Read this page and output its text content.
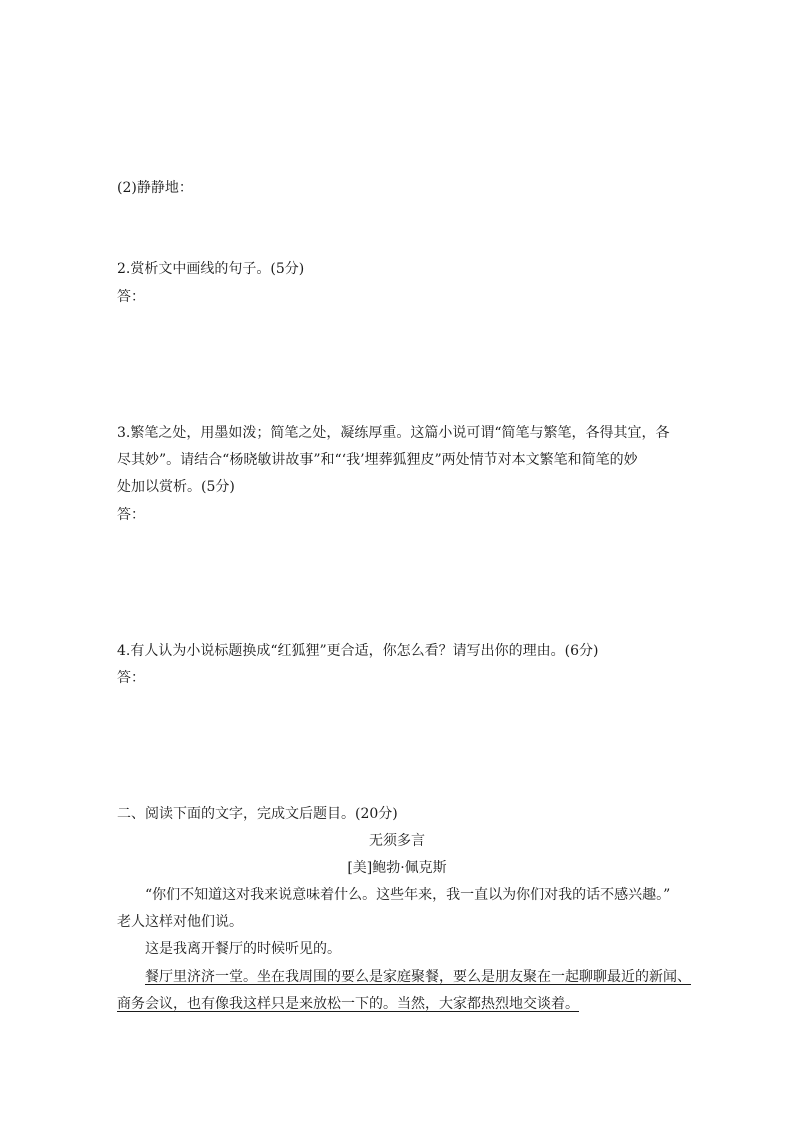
(2)静静地：
2.赏析文中画线的句子。(5分)
答：
3.繁笔之处，用墨如泼；简笔之处，凝练厚重。这篇小说可谓“简笔与繁笔，各得其宜，各
尽其妙”。请结合“杨晓敏讲故事”和“‘我’埋葬狐狸皮”两处情节对本文繁笔和简笔的妙
处加以赏析。(5分)
答：
4.有人认为小说标题换成“红狐狸”更合适，你怎么看？请写出你的理由。(6分)
答：
二、阅读下面的文字，完成文后题目。(20分)
无须多言
[美]鲍勃·佩克斯
“你们不知道这对我来说意味着什么。这些年来，我一直以为你们对我的话不感兴趣。”
老人这样对他们说。
这是我离开餐厅的时候听见的。
餐厅里济济一堂。坐在我周围的要么是家庭聚餐，要么是朋友聚在一起聊聊最近的新闻、
商务会议，也有像我这样只是来放松一下的。当然，大家都热烈地交谈着。
